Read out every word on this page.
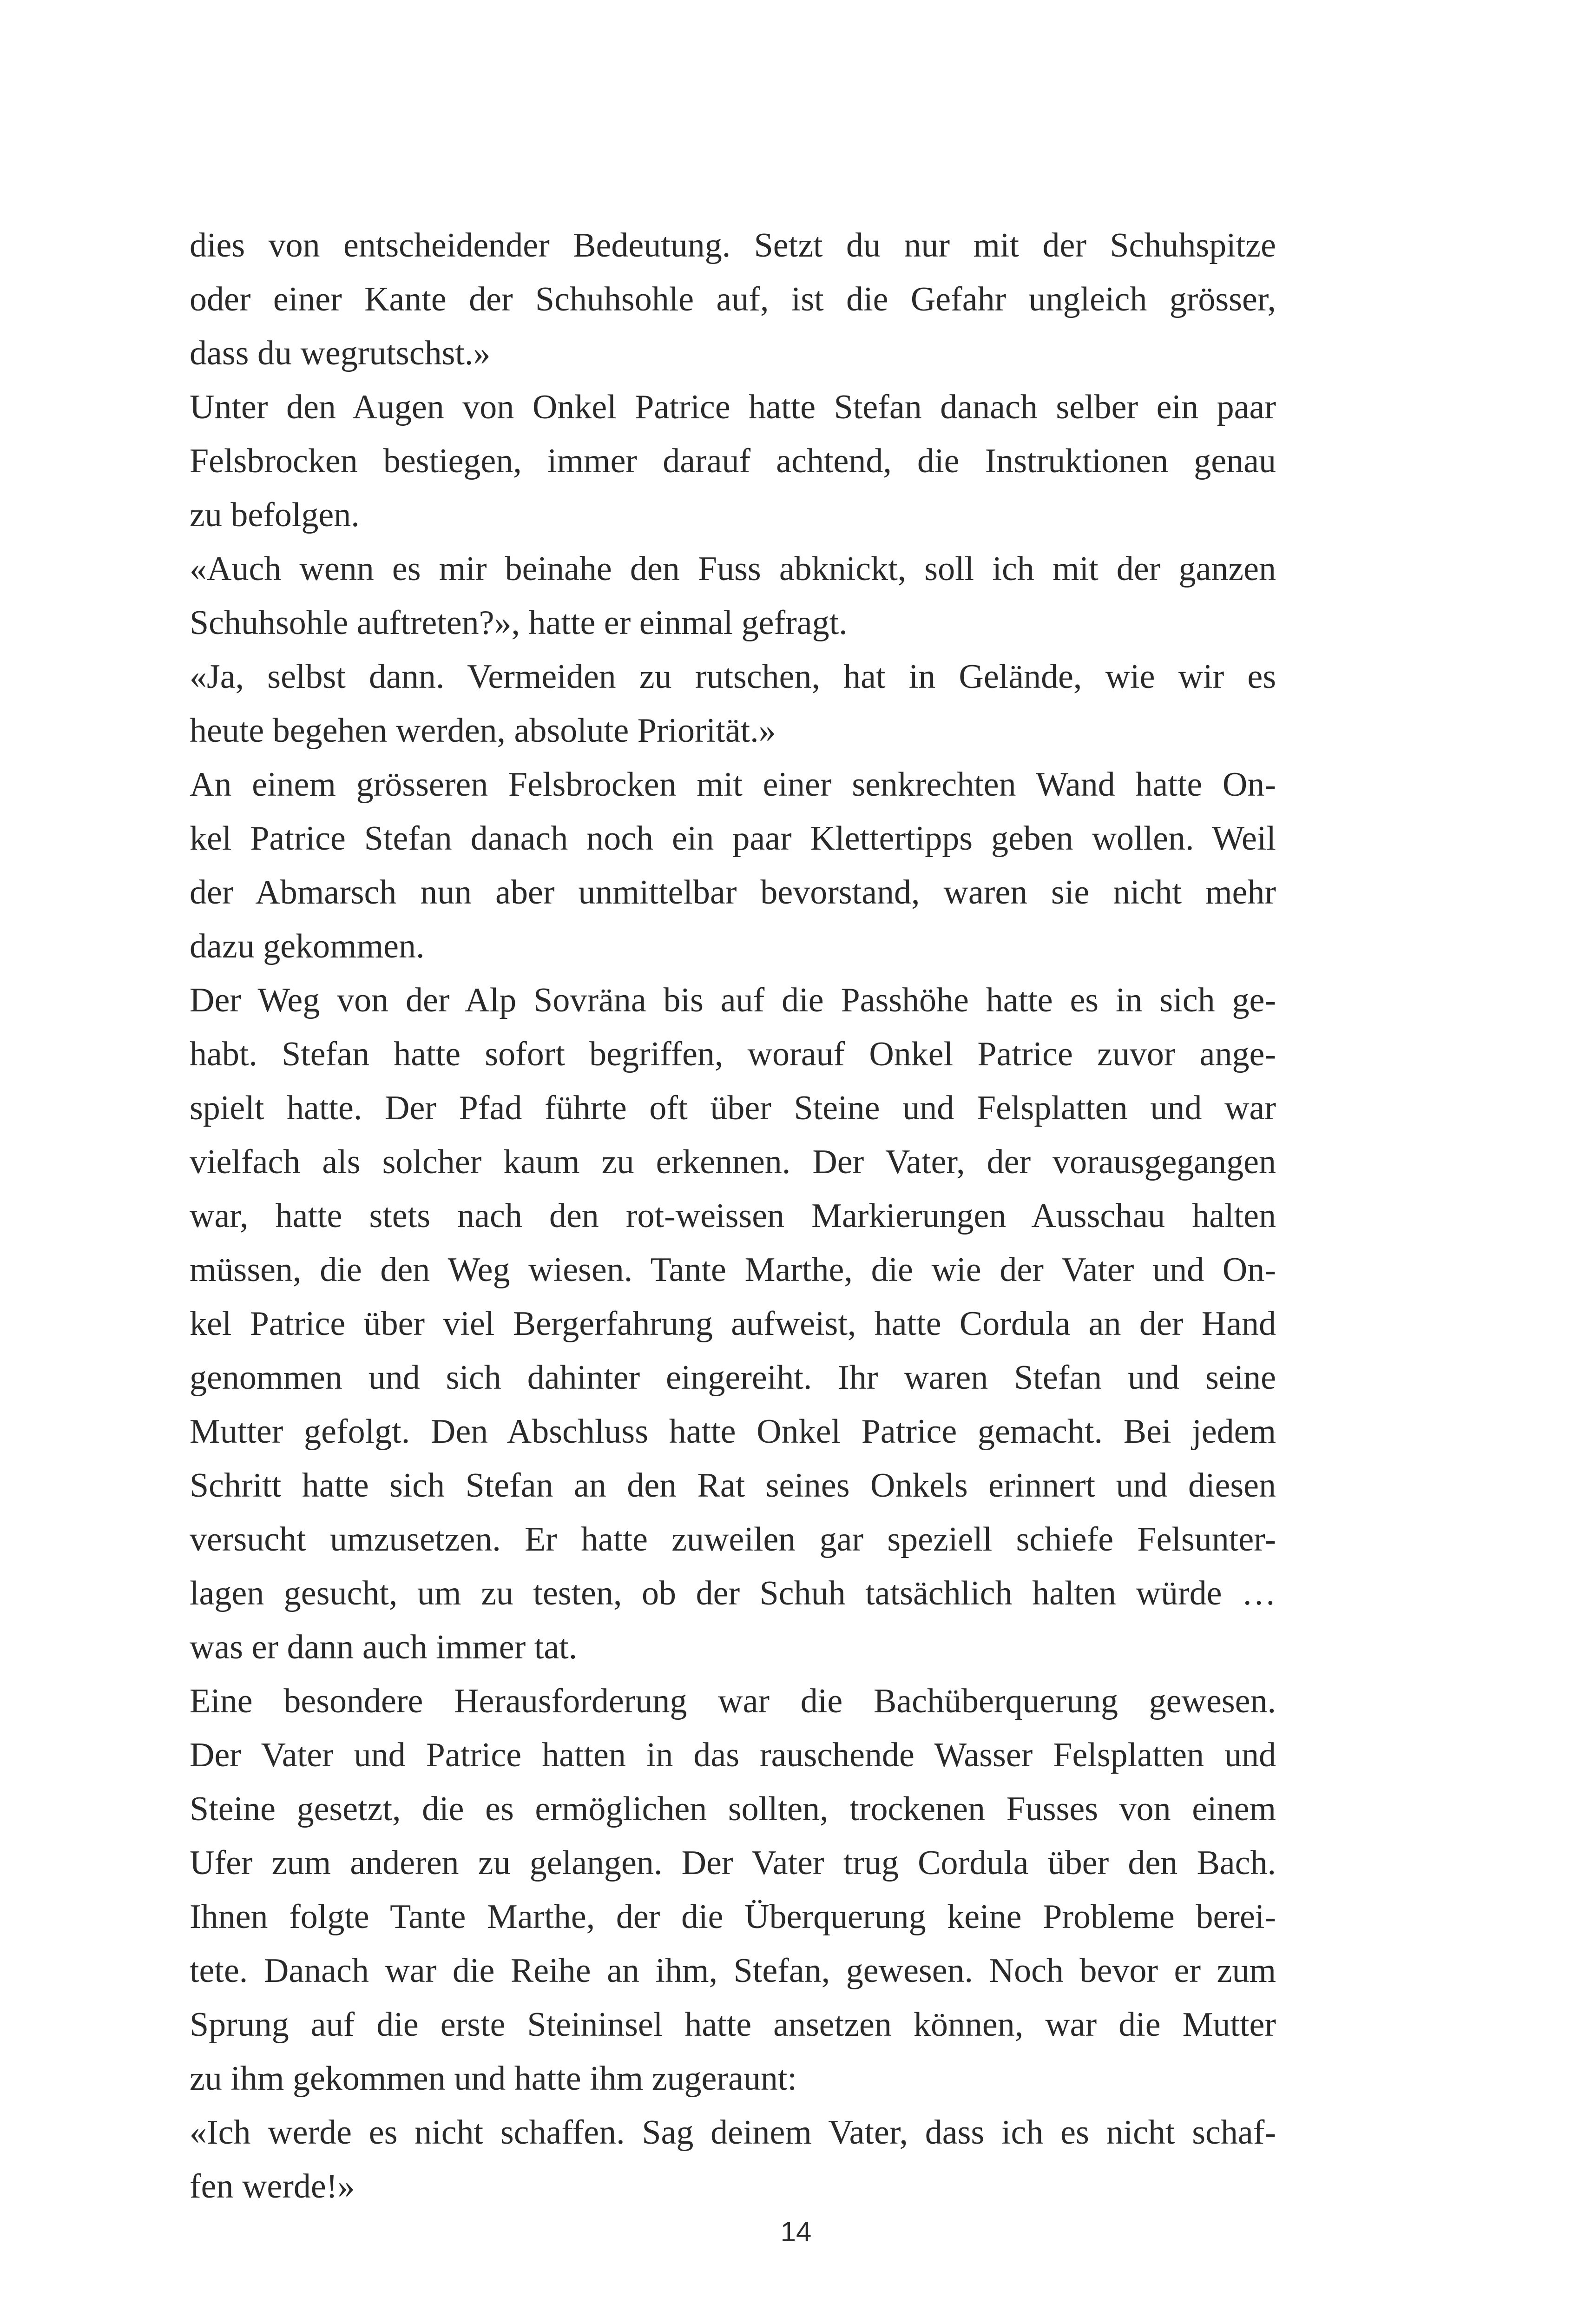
dies von entscheidender Bedeutung. Setzt du nur mit der Schuhspitze
oder einer Kante der Schuhsohle auf, ist die Gefahr ungleich grösser,
dass du wegrutschst.»
Unter den Augen von Onkel Patrice hatte Stefan danach selber ein paar
Felsbrocken bestiegen, immer darauf achtend, die Instruktionen genau
zu befolgen.
«Auch wenn es mir beinahe den Fuss abknickt, soll ich mit der ganzen
Schuhsohle auftreten?», hatte er einmal gefragt.
«Ja, selbst dann. Vermeiden zu rutschen, hat in Gelände, wie wir es
heute begehen werden, absolute Priorität.»
An einem grösseren Felsbrocken mit einer senkrechten Wand hatte On-
kel Patrice Stefan danach noch ein paar Klettertipps geben wollen. Weil
der Abmarsch nun aber unmittelbar bevorstand, waren sie nicht mehr
dazu gekommen.
Der Weg von der Alp Sovräna bis auf die Passhöhe hatte es in sich ge-
habt. Stefan hatte sofort begriffen, worauf Onkel Patrice zuvor ange-
spielt hatte. Der Pfad führte oft über Steine und Felsplatten und war
vielfach als solcher kaum zu erkennen. Der Vater, der vorausgegangen
war, hatte stets nach den rot-weissen Markierungen Ausschau halten
müssen, die den Weg wiesen. Tante Marthe, die wie der Vater und On-
kel Patrice über viel Bergerfahrung aufweist, hatte Cordula an der Hand
genommen und sich dahinter eingereiht. Ihr waren Stefan und seine
Mutter gefolgt. Den Abschluss hatte Onkel Patrice gemacht. Bei jedem
Schritt hatte sich Stefan an den Rat seines Onkels erinnert und diesen
versucht umzusetzen. Er hatte zuweilen gar speziell schiefe Felsunter-
lagen gesucht, um zu testen, ob der Schuh tatsächlich halten würde …
was er dann auch immer tat.
Eine besondere Herausforderung war die Bachüberquerung gewesen.
Der Vater und Patrice hatten in das rauschende Wasser Felsplatten und
Steine gesetzt, die es ermöglichen sollten, trockenen Fusses von einem
Ufer zum anderen zu gelangen. Der Vater trug Cordula über den Bach.
Ihnen folgte Tante Marthe, der die Überquerung keine Probleme berei-
tete. Danach war die Reihe an ihm, Stefan, gewesen. Noch bevor er zum
Sprung auf die erste Steininsel hatte ansetzen können, war die Mutter
zu ihm gekommen und hatte ihm zugeraunt:
«Ich werde es nicht schaffen. Sag deinem Vater, dass ich es nicht schaf-
fen werde!»
14
